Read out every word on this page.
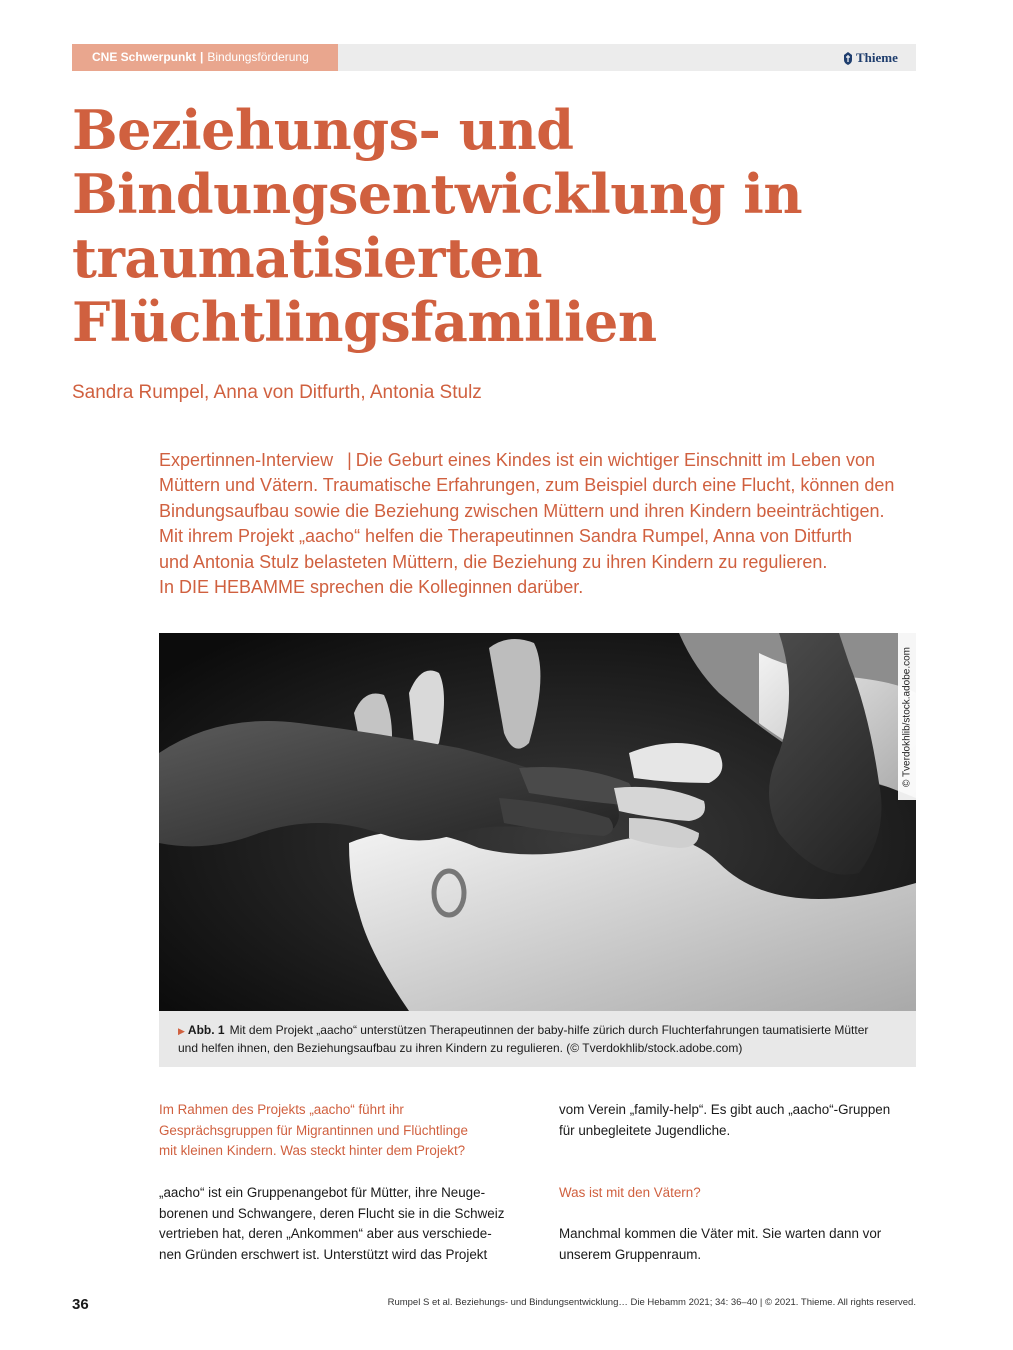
CNE Schwerpunkt | Bindungsförderung	Thieme
Beziehungs- und
Bindungsentwicklung in
traumatisierten
Flüchtlingsfamilien
Sandra Rumpel, Anna von Ditfurth, Antonia Stulz
Expertinnen-Interview | Die Geburt eines Kindes ist ein wichtiger Einschnitt im Leben von
Müttern und Vätern. Traumatische Erfahrungen, zum Beispiel durch eine Flucht, können den
Bindungsaufbau sowie die Beziehung zwischen Müttern und ihren Kindern beeinträchtigen.
Mit ihrem Projekt „aacho“ helfen die Therapeutinnen Sandra Rumpel, Anna von Ditfurth
und Antonia Stulz belasteten Müttern, die Beziehung zu ihren Kindern zu regulieren.
In DIE HEBAMME sprechen die Kolleginnen darüber.
© Tverdokhlib/stock.adobe.com
▶ Abb. 1 Mit dem Projekt „aacho“ unterstützen Therapeutinnen der baby-hilfe zürich durch Fluchterfahrungen taumatisierte Mütter
und helfen ihnen, den Beziehungsaufbau zu ihren Kindern zu regulieren. (© Tverdokhlib/stock.adobe.com)
Im Rahmen des Projekts „aacho“ führt ihr
Gesprächsgruppen für Migrantinnen und Flüchtlinge
mit kleinen Kindern. Was steckt hinter dem Projekt?
„aacho“ ist ein Gruppenangebot für Mütter, ihre Neuge-
borenen und Schwangere, deren Flucht sie in die Schweiz
vertrieben hat, deren „Ankommen“ aber aus verschiede-
nen Gründen erschwert ist. Unterstützt wird das Projekt
vom Verein „family-help“. Es gibt auch „aacho“-Gruppen
für unbegleitete Jugendliche.
Was ist mit den Vätern?
Manchmal kommen die Väter mit. Sie warten dann vor
unserem Gruppenraum.
36	Rumpel S et al. Beziehungs- und Bindungsentwicklung… Die Hebamm 2021; 34: 36–40 | © 2021. Thieme. All rights reserved.
